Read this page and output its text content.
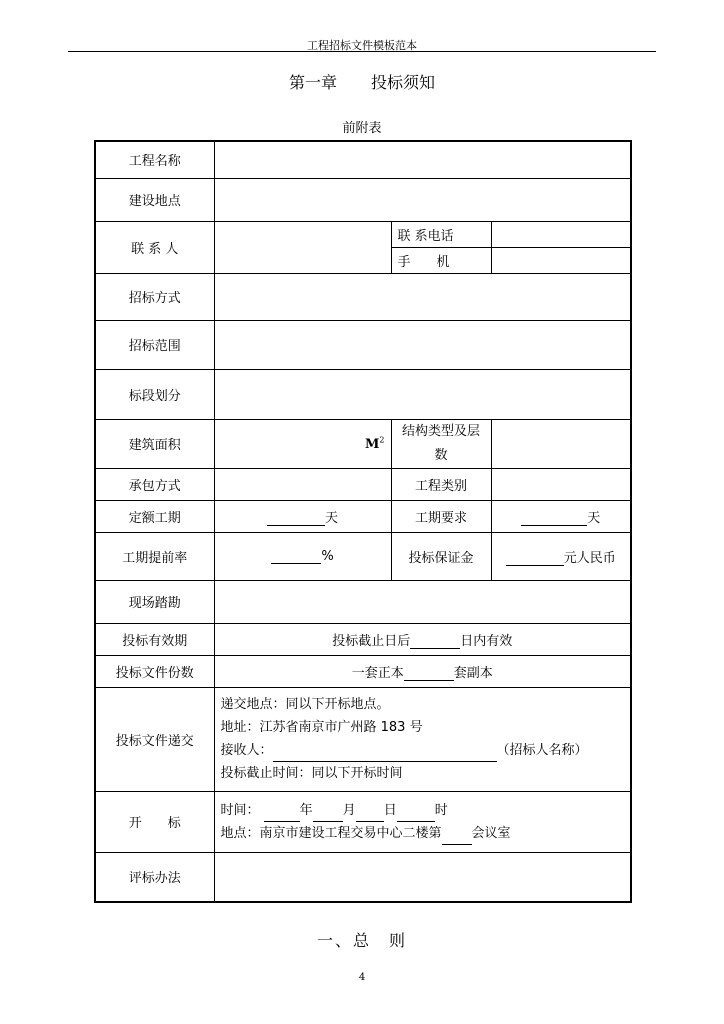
工程招标文件模板范本
第一章 投标须知
前附表
工程名称			
建设地点			
联 系 人		联 系电话	
		手　　机	
招标方式			
招标范围			
标段划分			
建筑面积	$M^2$	结构类型及层数	
承包方式		工程类别	
定额工期	天	工期要求	天
工期提前率	%	投标保证金	元人民币
现场踏勘			
投标有效期	投标截止日后 日内有效		
投标文件份数	一套正本 套副本		
投标文件递交	递交地点：同以下开标地点。
地址：江苏省南京市广州路 183 号
接收人： （招标人名称）
投标截止时间：同以下开标时间		

开　　标	时间： 年 月 日 时
地点：南京市建设工程交易中心二楼第 会议室		

评标办法			
一、总　则
4
